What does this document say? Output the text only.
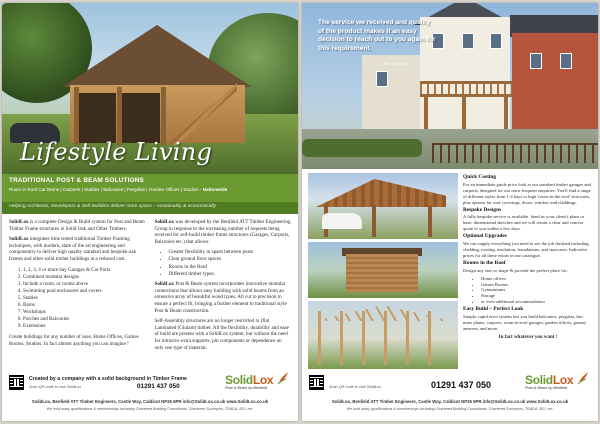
Lifestyle Living
TRADITIONAL POST & BEAM SOLUTIONS
Room in Roof Car Barns | Carports | Stables | Balconies | Pergolas | Garden Offices | Studios - Nationwide
Helping Architects, Developers & Self Builders deliver more space – sustainably & economically

SolidLox is a complete Design & Build system for Post and Beam Timber Frame structures in Solid Oak and Other Timbers.

SolidLox integrates time tested traditional Timber Framing techniques, with modern, state of the art engineering and componentry to deliver high quality standard and bespoke oak frames and other solid timber buildings at a reduced cost.

1. 1, 2, 3, 4 or more bay Garages & Car Ports
2. Combined modular designs
3. Include a room, or rooms above
4. Swimming pool enclosures and covers
5. Stables
6. Barns
7. Workshops
8. Porches and Balconies
9. Extensions

Create buildings for any number of uses, Home Offices, Games Rooms, Studios. In fact almost anything you can imagine !

SolidLox was developed by the Benfield ATT Timber Engineering Group in response to the increasing number of requests being received for self-build timber frame structures (Garages, Carports, Balconies etc.) that allows:

• Greater flexibility in spans between posts
• Clear ground floor spaces
• Rooms in the Roof
• Different timber types.

SolidLox Post & Beam system incorporates innovative modular connections that allows easy building with solid beams from an extensive array of beautiful wood types. All cut to precision to ensure a perfect fit, bringing a further element to traditional style Post & Beam construction.

Self-Assembly structures are no longer restricted to (flat Laminated (Glulam) timber. All the flexibility, durability and ease of build are present with a SolidLox system, but without the need for intrusive extra supports, pin components or dependence on only one type of material.

Created by a company with a solid background in Timber Frame
Scan QR code to visit SolidLox	01291 437 050	SolidLox
Post & Beam by Benfield
SolidLox, Benfield ATT Timber Engineers, Castle Way, Caldicot NP26 5PR info@SolidLox.co.uk www.SolidLox.co.uk
We hold many qualifications & memberships including Chartered Building Consultants, Chartered Surveyors, TRADA, BCI, etc.
The service we received and quality of the product makes it an easy decision to reach out to you again for this requirement.
- Bob - Hampshire
Quick Costing

For an immediate guide price look at our standard timber garages and carports, designed for our most frequent enquiries. You'll find a range of different styles from 1-4 bays to high 'room-in-the-roof' structures, plus options for roof coverings, doors, window and claddings.

Bespoke Designs

A fully bespoke service is available. Send us your client's plans or basic dimensional sketches and we will return a clear and concise quote to you within a few days.

Optional Upgrades

We can supply everything you need to see the job finished including, cladding, roofing, insulation, foundations, and staircases. Indicative prices for all these extras in our catalogue.

Rooms in the Roof

Design any size or shape & provide the perfect place for:

• Home offices
• Games Rooms
• Gymnasiums
• Storage
• or even additional accommodation
Easy Build – Perfect Look

Simple, rapid erect system lets you build balconies, pergolas, bio-mass plants, carports, room-in-roof garages, garden offices, granny annexes, and more.

In fact whatever you want !
Scan QR code to visit SolidLox	01291 437 050	SolidLox
Post & Beam by Benfield
SolidLox, Benfield ATT Timber Engineers, Castle Way, Caldicot NP26 5PR info@SolidLox.co.uk www.SolidLox.co.uk
We hold many qualifications & memberships including Chartered Building Consultants, Chartered Surveyors, TRADA, BCI, etc.
